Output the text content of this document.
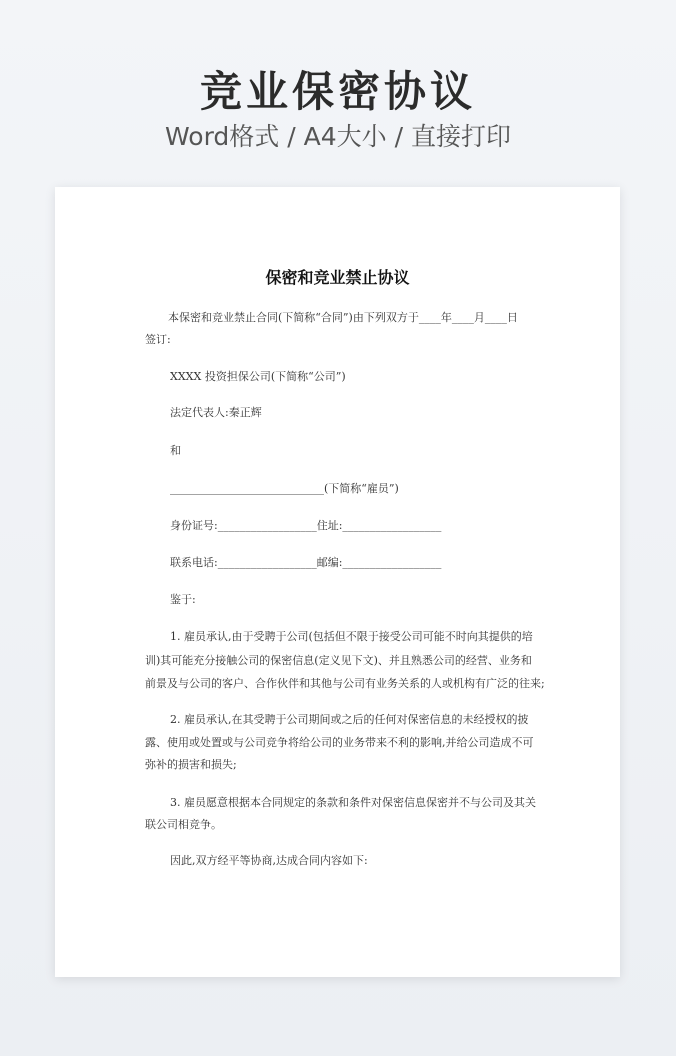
竞业保密协议
Word格式 / A4大小 / 直接打印
保密和竞业禁止协议
本保密和竞业禁止合同(下简称“合同”)由下列双方于____年____月____日
签订:
XXXX 投资担保公司(下简称“公司”)
法定代表人:秦正辉
和
____________________________(下简称“雇员”)
身份证号:__________________住址:__________________
联系电话:__________________邮编:__________________
鉴于:
1. 雇员承认,由于受聘于公司(包括但不限于接受公司可能不时向其提供的培
训)其可能充分接触公司的保密信息(定义见下文)、并且熟悉公司的经营、业务和
前景及与公司的客户、合作伙伴和其他与公司有业务关系的人或机构有广泛的往来;
2. 雇员承认,在其受聘于公司期间或之后的任何对保密信息的未经授权的披
露、使用或处置或与公司竞争将给公司的业务带来不利的影响,并给公司造成不可
弥补的损害和损失;
3. 雇员愿意根据本合同规定的条款和条件对保密信息保密并不与公司及其关
联公司相竞争。
因此,双方经平等协商,达成合同内容如下:
